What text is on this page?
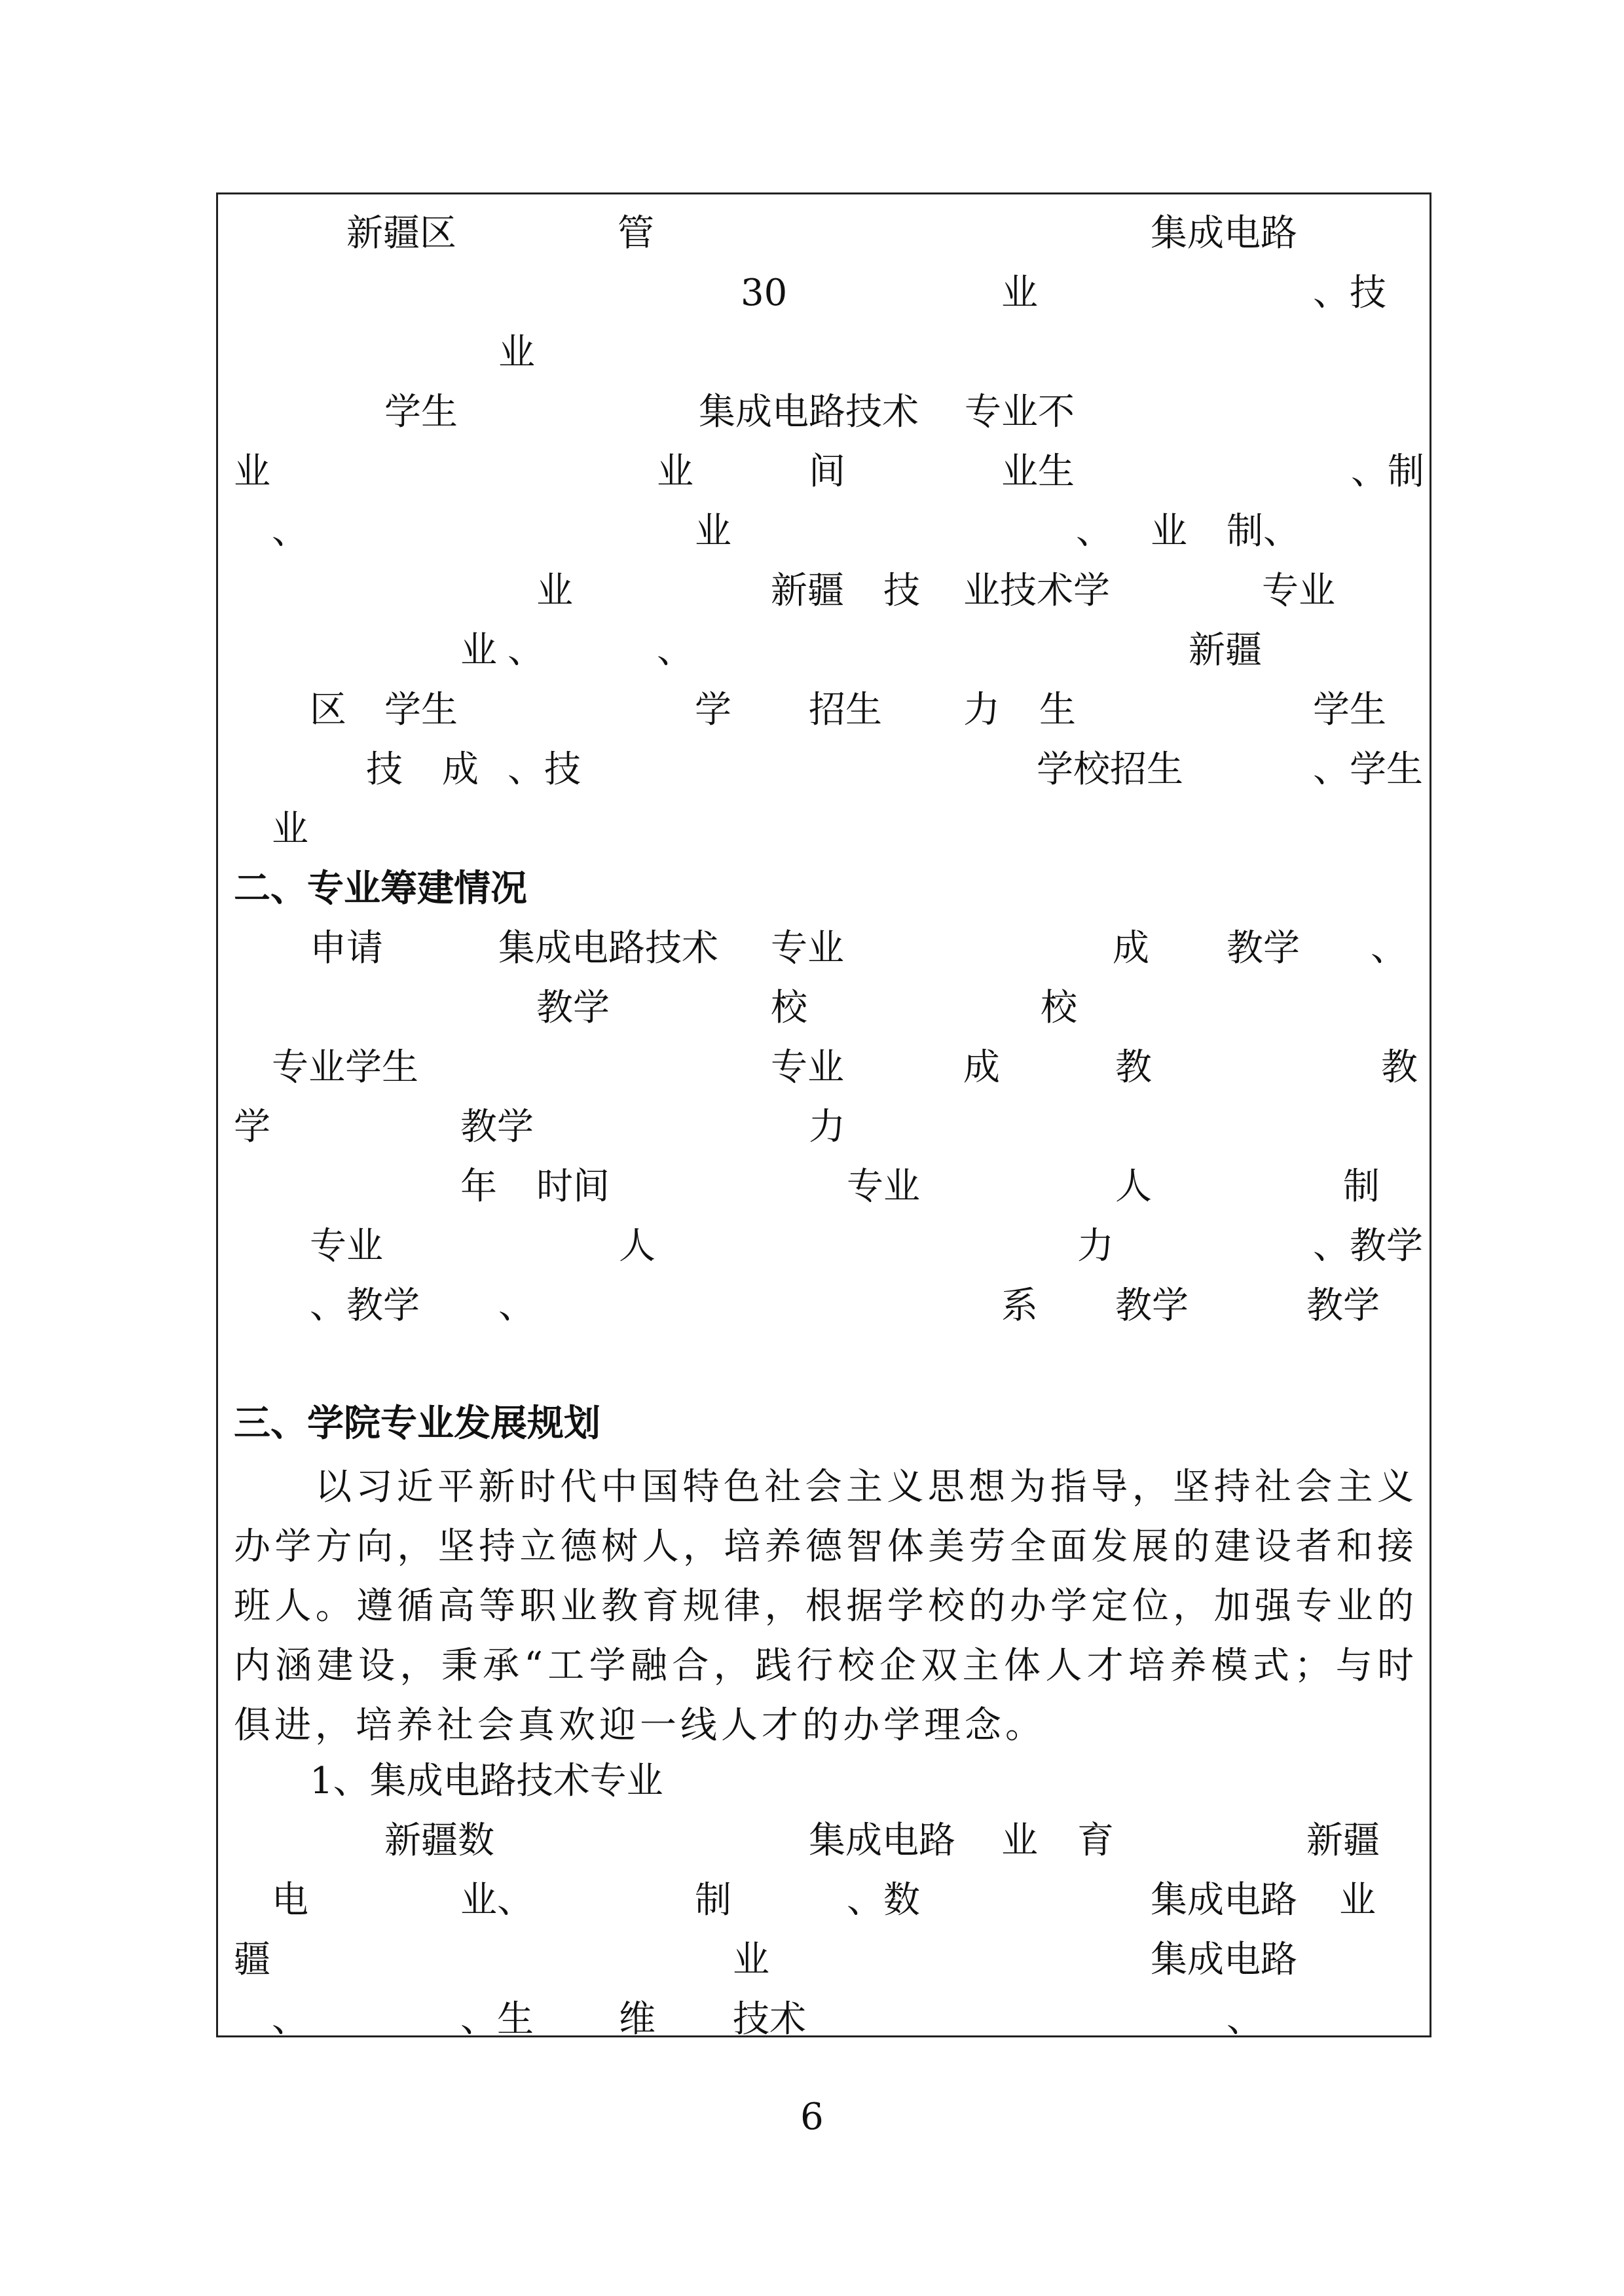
新疆区	管	集成电路
30	业	、技
业
学生	集成电路技术 专业不
业	业	间	业生	、制
、	业	、 业 制、
业	新疆 技 业技术学	专业
业 、	、	新疆
区 学生	学 招生 力 生	学生
技 成 、技	学校招生	、学生
业
二、专业筹建情况
申请	集成电路技术 专业	成 教学 、
教学	校	校
专业学生	专业	成	教	教
学	教学	力
年 时间	专业	人	制
专业	人	力	、教学
、教学 、	系 教学	教学
三、学院专业发展规划
以习近平新时代中国特色社会主义思想为指导，坚持社会主义办学方向，坚持立德树人，培养德智体美劳全面发展的建设者和接班人。遵循高等职业教育规律，根据学校的办学定位，加强专业的内涵建设，秉承“工学融合，践行校企双主体人才培养模式；与时俱进，培养社会真欢迎一线人才的办学理念。
1、集成电路技术专业
新疆数	集成电路 业 育	新疆
电	业、	制	、数	集成电路 业
疆	业	集成电路
、	、生 维 技术	、
6
